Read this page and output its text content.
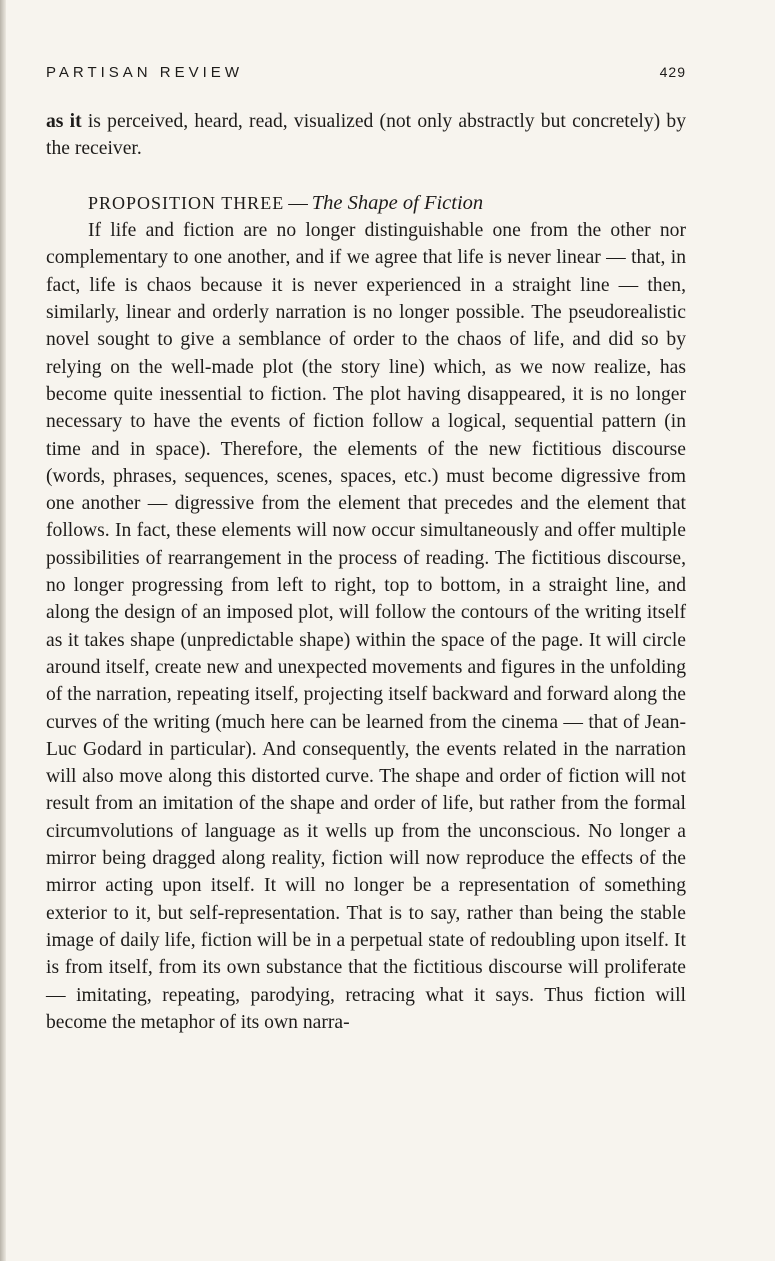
PARTISAN REVIEW	429

as it is perceived, heard, read, visualized (not only abstractly but concretely) by the receiver.

PROPOSITION THREE — The Shape of Fiction

If life and fiction are no longer distinguishable one from the other nor complementary to one another, and if we agree that life is never linear — that, in fact, life is chaos because it is never experienced in a straight line — then, similarly, linear and orderly narration is no longer possible. The pseudorealistic novel sought to give a semblance of order to the chaos of life, and did so by relying on the well-made plot (the story line) which, as we now realize, has become quite inessential to fiction. The plot having disappeared, it is no longer necessary to have the events of fiction follow a logical, sequential pattern (in time and in space). Therefore, the elements of the new fictitious discourse (words, phrases, sequences, scenes, spaces, etc.) must become digressive from one another — digressive from the element that precedes and the element that follows. In fact, these elements will now occur simultaneously and offer multiple possibilities of rearrangement in the process of reading. The fictitious discourse, no longer progressing from left to right, top to bottom, in a straight line, and along the design of an imposed plot, will follow the contours of the writing itself as it takes shape (unpredictable shape) within the space of the page. It will circle around itself, create new and unexpected movements and figures in the unfolding of the narration, repeating itself, projecting itself backward and forward along the curves of the writing (much here can be learned from the cinema — that of Jean-Luc Godard in particular). And consequently, the events related in the narration will also move along this distorted curve. The shape and order of fiction will not result from an imitation of the shape and order of life, but rather from the formal circumvolutions of language as it wells up from the unconscious. No longer a mirror being dragged along reality, fiction will now reproduce the effects of the mirror acting upon itself. It will no longer be a representation of something exterior to it, but self-representation. That is to say, rather than being the stable image of daily life, fiction will be in a perpetual state of redoubling upon itself. It is from itself, from its own substance that the fictitious discourse will proliferate — imitating, repeating, parodying, retracing what it says. Thus fiction will become the metaphor of its own narra-
